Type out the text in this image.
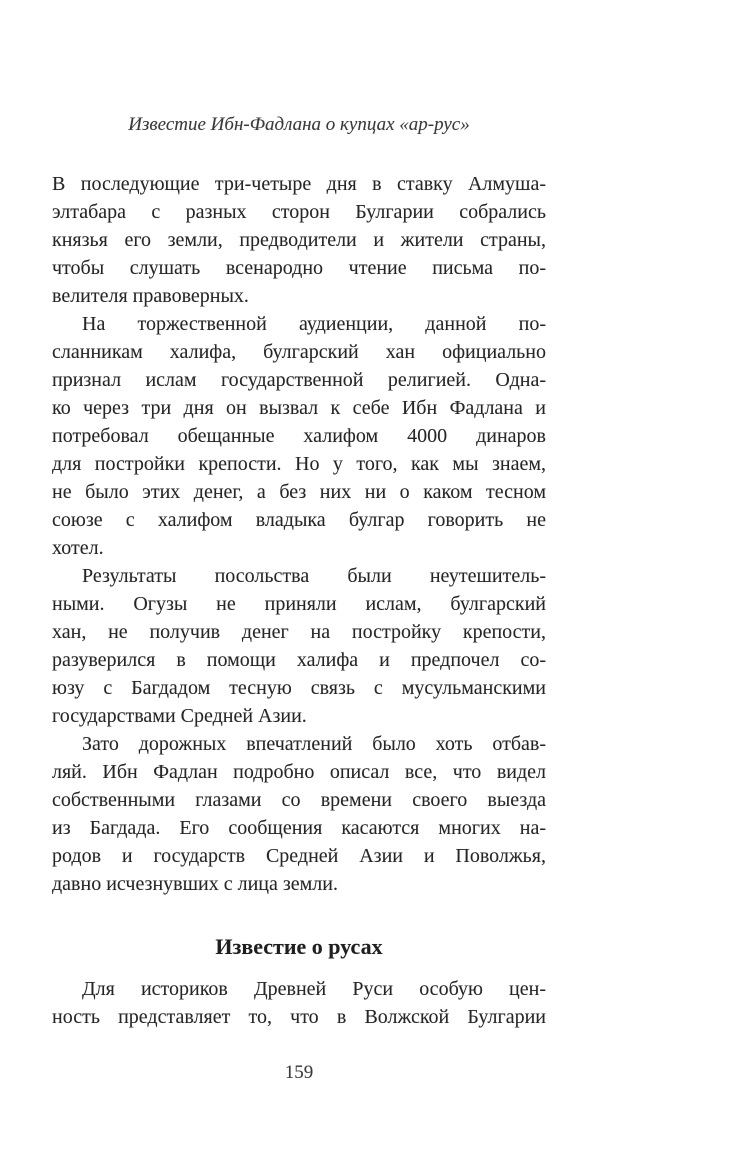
Известие Ибн-Фадлана о купцах «ар-рус»
В последующие три-четыре дня в ставку Алмуша-
элтабара с разных сторон Булгарии собрались
князья его земли, предводители и жители страны,
чтобы слушать всенародно чтение письма по-
велителя правоверных.
На торжественной аудиенции, данной по-
сланникам халифа, булгарский хан официально
признал ислам государственной религией. Одна-
ко через три дня он вызвал к себе Ибн Фадлана и
потребовал обещанные халифом 4000 динаров
для постройки крепости. Но у того, как мы знаем,
не было этих денег, а без них ни о каком тесном
союзе с халифом владыка булгар говорить не
хотел.
Результаты посольства были неутешитель-
ными. Огузы не приняли ислам, булгарский
хан, не получив денег на постройку крепости,
разуверился в помощи халифа и предпочел со-
юзу с Багдадом тесную связь с мусульманскими
государствами Средней Азии.
Зато дорожных впечатлений было хоть отбав-
ляй. Ибн Фадлан подробно описал все, что видел
собственными глазами со времени своего выезда
из Багдада. Его сообщения касаются многих на-
родов и государств Средней Азии и Поволжья,
давно исчезнувших с лица земли.
Известие о русах
Для историков Древней Руси особую цен-
ность представляет то, что в Волжской Булгарии
159
